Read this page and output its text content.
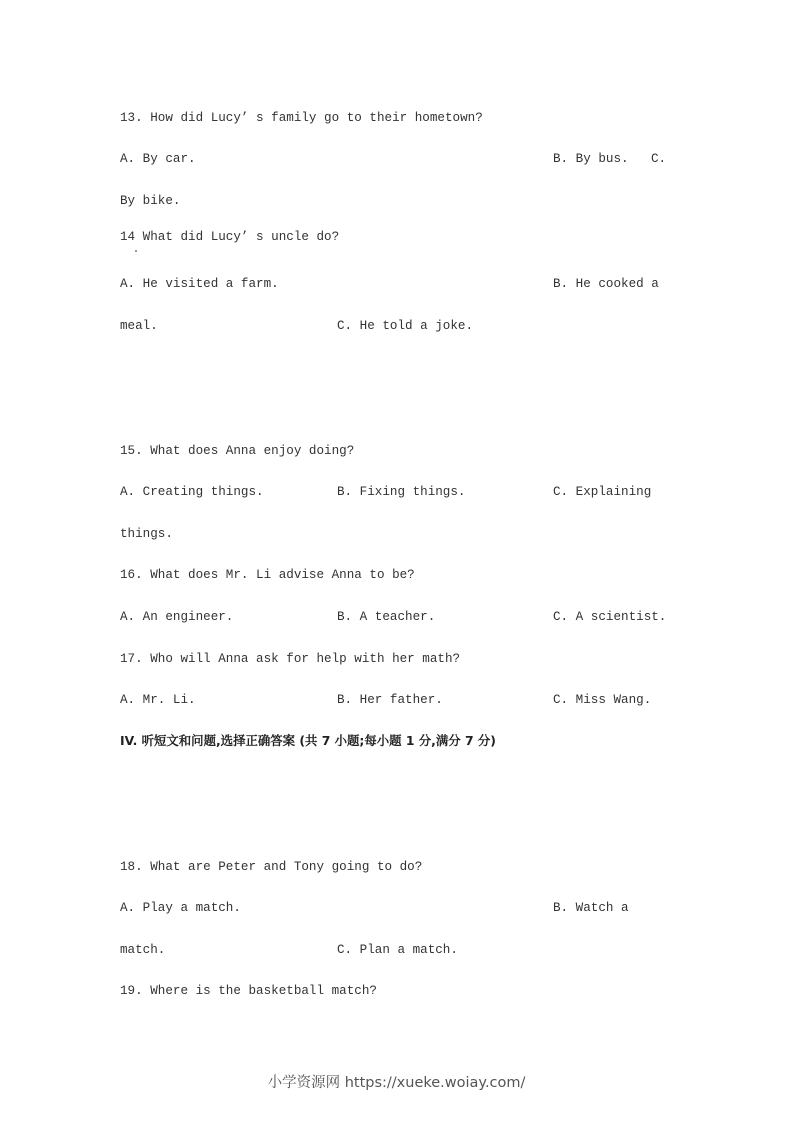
13. How did Lucy’ s family go to their hometown?
A. By car.	B. By bus. C.
By bike.
14 What did Lucy’ s uncle do?
A. He visited a farm.	B. He cooked a
meal.	C. He told a joke.
15. What does Anna enjoy doing?
A. Creating things.	B. Fixing things.	C. Explaining
things.
16. What does Mr. Li advise Anna to be?
A. An engineer.	B. A teacher.	C. A scientist.
17. Who will Anna ask for help with her math?
A. Mr. Li.	B. Her father.	C. Miss Wang.
IV. 听短文和问题,选择正确答案 (共 7 小题;每小题 1 分,满分 7 分)
18. What are Peter and Tony going to do?
A. Play a match.	B. Watch a
match.	C. Plan a match.
19. Where is the basketball match?
小学资源网 https://xueke.woiay.com/
